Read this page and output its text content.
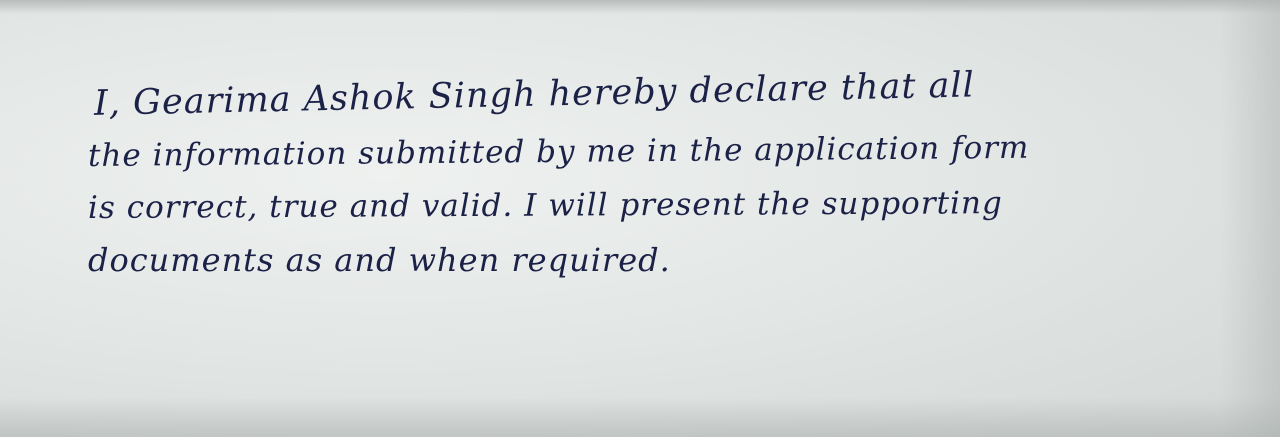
I, Gearima Ashok Singh hereby declare that all
the information submitted by me in the application form
is correct, true and valid. I will present the supporting
documents as and when required.
